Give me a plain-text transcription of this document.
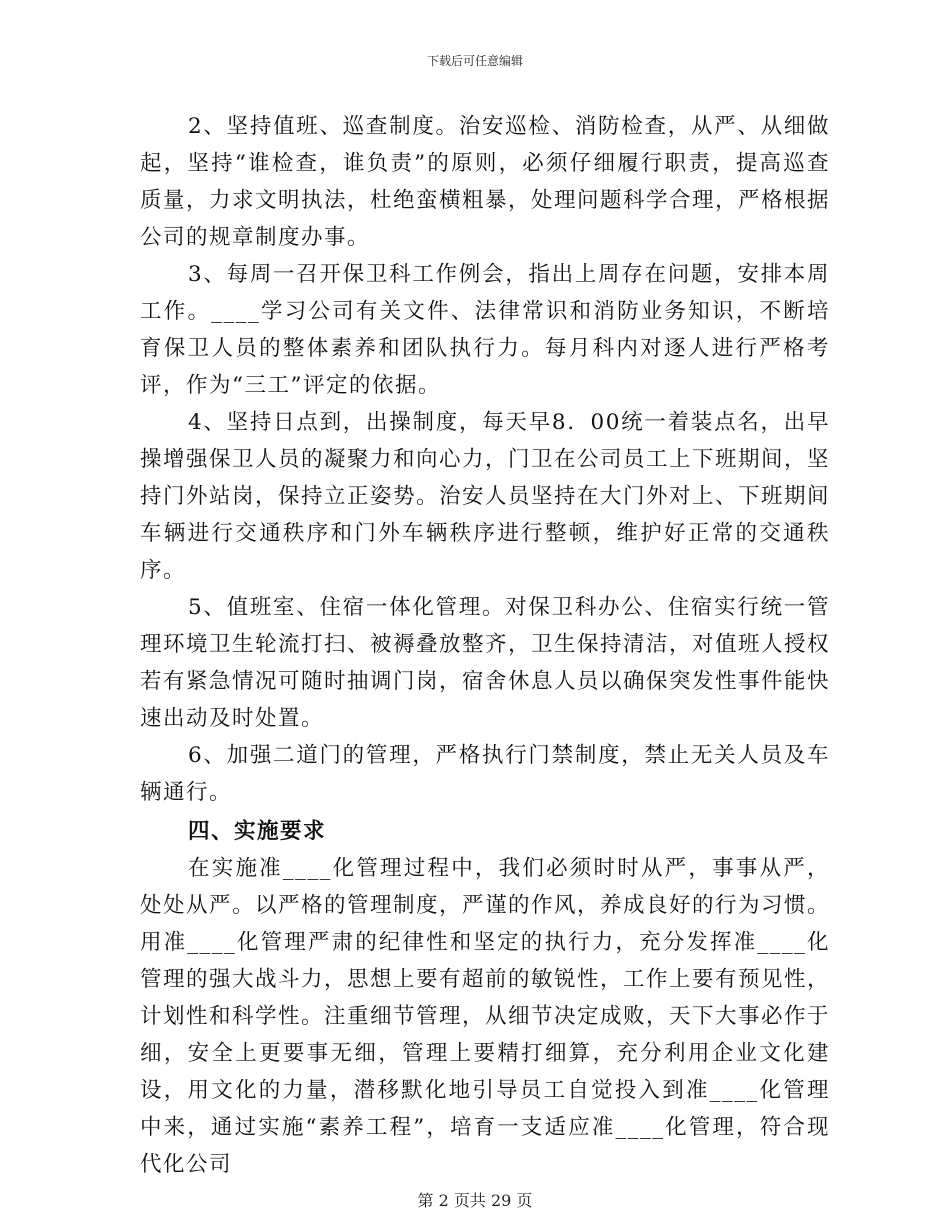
下载后可任意编辑

2、坚持值班、巡查制度。治安巡检、消防检查，从严、从细做起，坚持“谁检查，谁负责”的原则，必须仔细履行职责，提高巡查质量，力求文明执法，杜绝蛮横粗暴，处理问题科学合理，严格根据公司的规章制度办事。

3、每周一召开保卫科工作例会，指出上周存在问题，安排本周工作。____学习公司有关文件、法律常识和消防业务知识，不断培育保卫人员的整体素养和团队执行力。每月科内对逐人进行严格考评，作为“三工”评定的依据。

4、坚持日点到，出操制度，每天早8．00统一着装点名，出早操增强保卫人员的凝聚力和向心力，门卫在公司员工上下班期间，坚持门外站岗，保持立正姿势。治安人员坚持在大门外对上、下班期间车辆进行交通秩序和门外车辆秩序进行整顿，维护好正常的交通秩序。

5、值班室、住宿一体化管理。对保卫科办公、住宿实行统一管理环境卫生轮流打扫、被褥叠放整齐，卫生保持清洁，对值班人授权若有紧急情况可随时抽调门岗，宿舍休息人员以确保突发性事件能快速出动及时处置。

6、加强二道门的管理，严格执行门禁制度，禁止无关人员及车辆通行。

四、实施要求

在实施准____化管理过程中，我们必须时时从严，事事从严，处处从严。以严格的管理制度，严谨的作风，养成良好的行为习惯。用准____化管理严肃的纪律性和坚定的执行力，充分发挥准____化管理的强大战斗力，思想上要有超前的敏锐性，工作上要有预见性，计划性和科学性。注重细节管理，从细节决定成败，天下大事必作于细，安全上更要事无细，管理上要精打细算，充分利用企业文化建设，用文化的力量，潜移默化地引导员工自觉投入到准____化管理中来，通过实施“素养工程”，培育一支适应准____化管理，符合现代化公司

第 2 页共 29 页
